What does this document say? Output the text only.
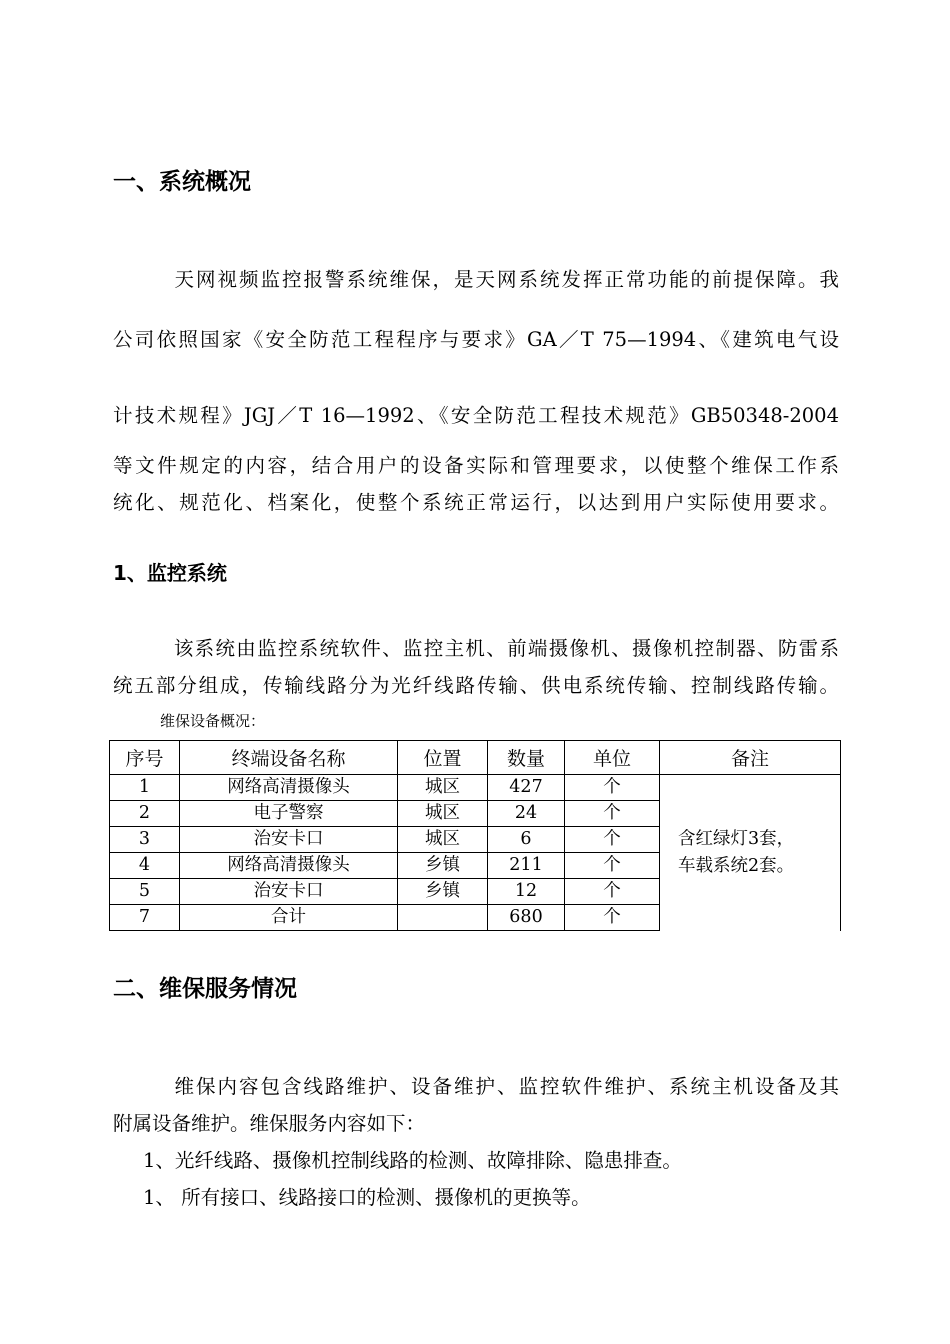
一、系统概况
　天网视频监控报警系统维保，是天网系统发挥正常功能的前提保障。我
公司依照国家《安全防范工程程序与要求》GA／T 75—1994、《建筑电气设
计技术规程》JGJ／T 16—1992、《安全防范工程技术规范》GB50348-2004
等文件规定的内容，结合用户的设备实际和管理要求，以使整个维保工作系
统化、规范化、档案化，使整个系统正常运行，以达到用户实际使用要求。
1、监控系统
　该系统由监控系统软件、监控主机、前端摄像机、摄像机控制器、防雷系
统五部分组成，传输线路分为光纤线路传输、供电系统传输、控制线路传输。
维保设备概况：
序号	终端设备名称	位置	数量	单位	备注
1	网络高清摄像头	城区	427	个	含红绿灯3套，
车载系统2套。

2	电子警察	城区	24	个	
3	治安卡口	城区	6	个	
4	网络高清摄像头	乡镇	211	个	
5	治安卡口	乡镇	12	个	
7	合计		680	个	
二、维保服务情况
　维保内容包含线路维护、设备维护、监控软件维护、系统主机设备及其
附属设备维护。维保服务内容如下：
1、光纤线路、摄像机控制线路的检测、故障排除、隐患排查。
1、 所有接口、线路接口的检测、摄像机的更换等。
